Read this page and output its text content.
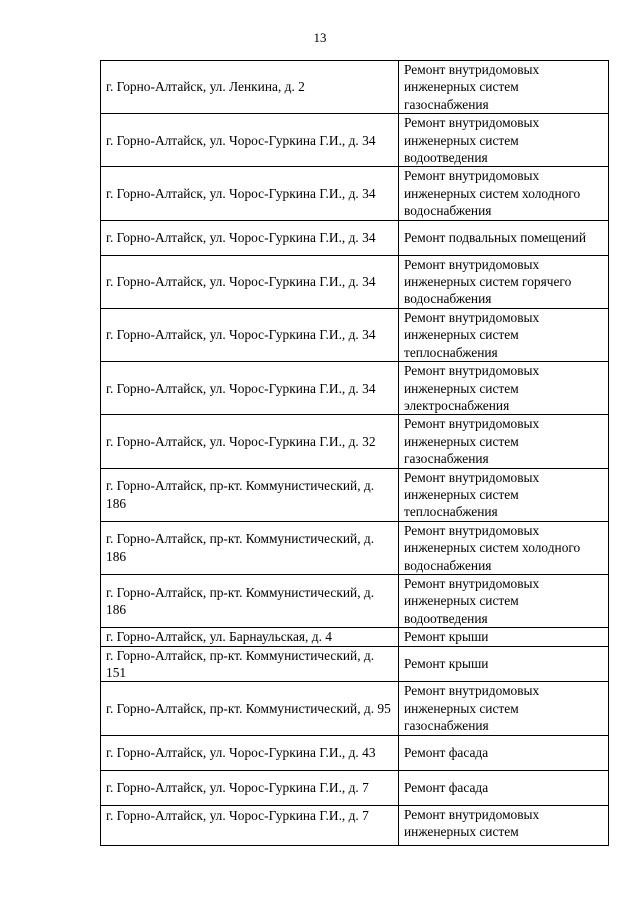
13
г. Горно-Алтайск, ул. Ленкина, д. 2	Ремонт внутридомовых инженерных систем газоснабжения
г. Горно-Алтайск, ул. Чорос-Гуркина Г.И., д. 34	Ремонт внутридомовых инженерных систем водоотведения
г. Горно-Алтайск, ул. Чорос-Гуркина Г.И., д. 34	Ремонт внутридомовых инженерных систем холодного водоснабжения
г. Горно-Алтайск, ул. Чорос-Гуркина Г.И., д. 34	Ремонт подвальных помещений
г. Горно-Алтайск, ул. Чорос-Гуркина Г.И., д. 34	Ремонт внутридомовых инженерных систем горячего водоснабжения
г. Горно-Алтайск, ул. Чорос-Гуркина Г.И., д. 34	Ремонт внутридомовых инженерных систем теплоснабжения
г. Горно-Алтайск, ул. Чорос-Гуркина Г.И., д. 34	Ремонт внутридомовых инженерных систем электроснабжения
г. Горно-Алтайск, ул. Чорос-Гуркина Г.И., д. 32	Ремонт внутридомовых инженерных систем газоснабжения
г. Горно-Алтайск, пр-кт. Коммунистический, д. 186	Ремонт внутридомовых инженерных систем теплоснабжения
г. Горно-Алтайск, пр-кт. Коммунистический, д. 186	Ремонт внутридомовых инженерных систем холодного водоснабжения
г. Горно-Алтайск, пр-кт. Коммунистический, д. 186	Ремонт внутридомовых инженерных систем водоотведения
г. Горно-Алтайск, ул. Барнаульская, д. 4	Ремонт крыши
г. Горно-Алтайск, пр-кт. Коммунистический, д. 151	Ремонт крыши
г. Горно-Алтайск, пр-кт. Коммунистический, д. 95	Ремонт внутридомовых инженерных систем газоснабжения
г. Горно-Алтайск, ул. Чорос-Гуркина Г.И., д. 43	Ремонт фасада
г. Горно-Алтайск, ул. Чорос-Гуркина Г.И., д. 7	Ремонт фасада
г. Горно-Алтайск, ул. Чорос-Гуркина Г.И., д. 7	Ремонт внутридомовых инженерных систем
